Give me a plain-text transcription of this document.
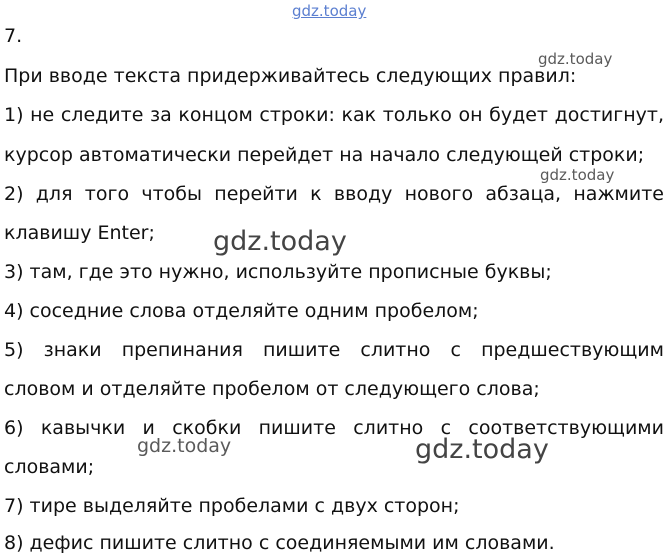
gdz.today
gdz.today
gdz.today
gdz.today
gdz.today	gdz.today

7.

При вводе текста придерживайтесь следующих правил:

1) не следите за концом строки: как только он будет достигнут,

курсор автоматически перейдет на начало следующей строки;

2) для того чтобы перейти к вводу нового абзаца, нажмите

клавишу Enter;

3) там, где это нужно, используйте прописные буквы;

4) соседние слова отделяйте одним пробелом;

5) знаки препинания пишите слитно с предшествующим

словом и отделяйте пробелом от следующего слова;

6) кавычки и скобки пишите слитно с соответствующими

словами;

7) тире выделяйте пробелами с двух сторон;

8) дефис пишите слитно с соединяемыми им словами.
